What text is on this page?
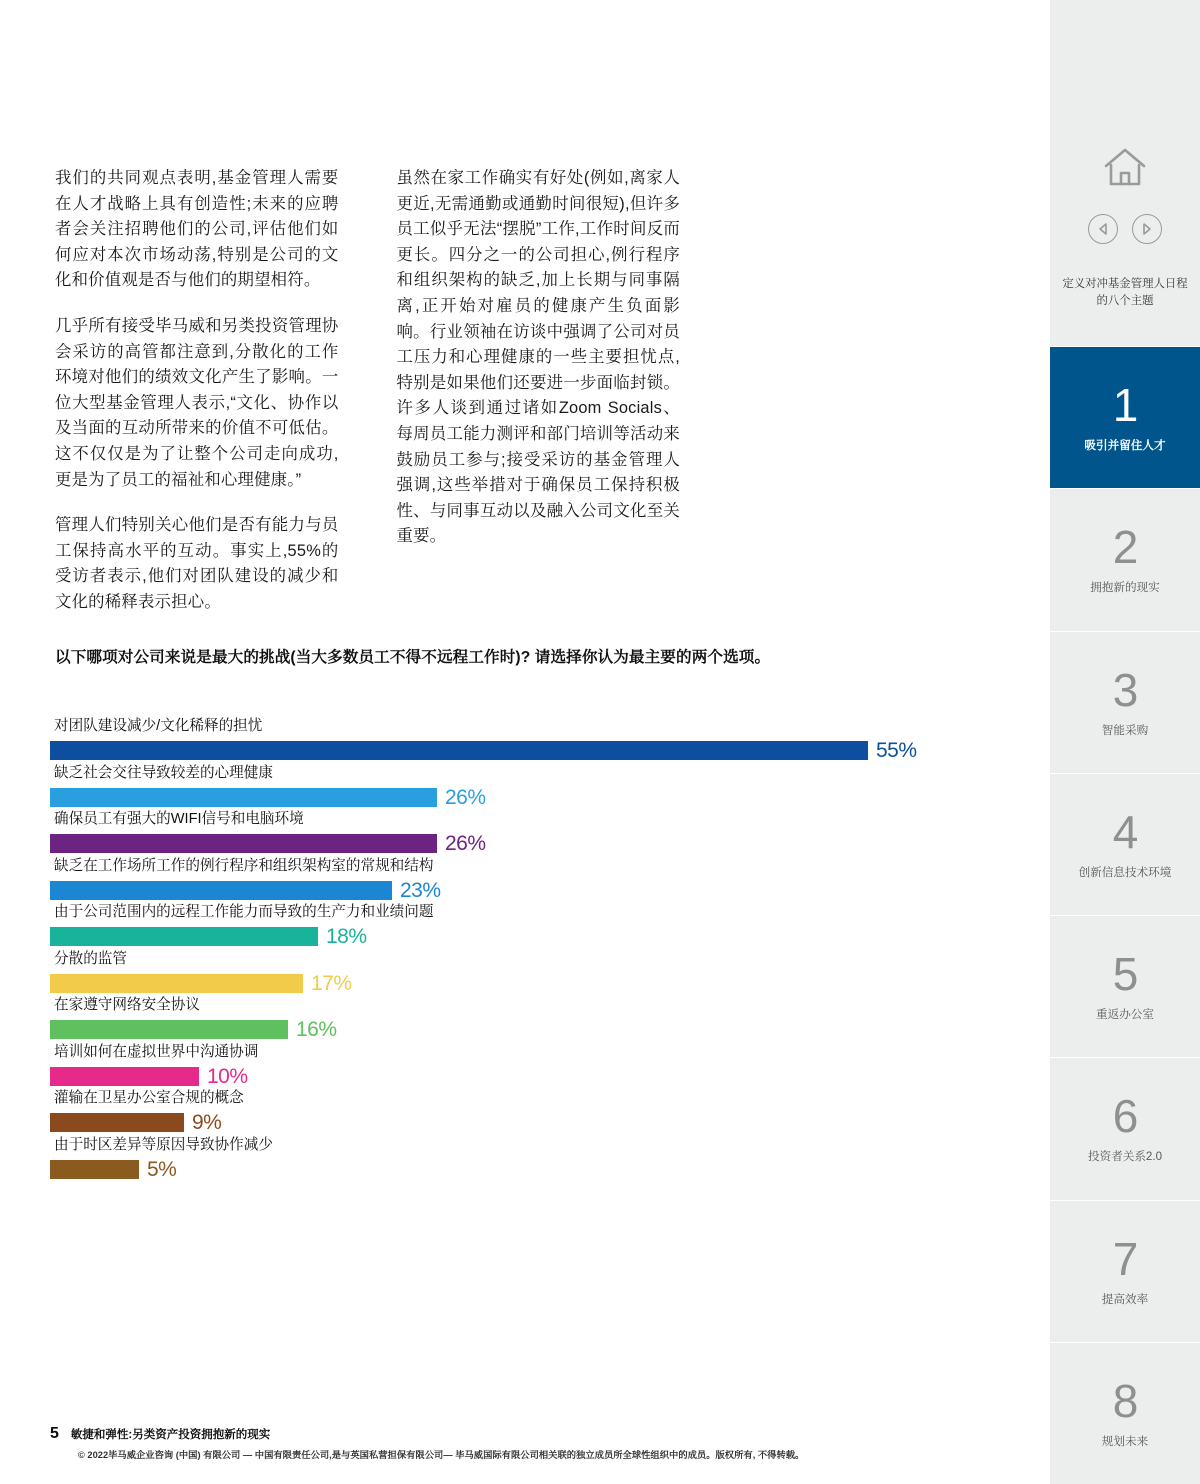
我们的共同观点表明,基金管理人需要在人才战略上具有创造性;未来的应聘者会关注招聘他们的公司,评估他们如何应对本次市场动荡,特别是公司的文化和价值观是否与他们的期望相符。

几乎所有接受毕马威和另类投资管理协会采访的高管都注意到,分散化的工作环境对他们的绩效文化产生了影响。一位大型基金管理人表示,“文化、协作以及当面的互动所带来的价值不可低估。这不仅仅是为了让整个公司走向成功,更是为了员工的福祉和心理健康。”

管理人们特别关心他们是否有能力与员工保持高水平的互动。事实上,55%的受访者表示,他们对团队建设的减少和文化的稀释表示担心。

虽然在家工作确实有好处(例如,离家人更近,无需通勤或通勤时间很短),但许多员工似乎无法“摆脱”工作,工作时间反而更长。四分之一的公司担心,例行程序和组织架构的缺乏,加上长期与同事隔离,正开始对雇员的健康产生负面影响。行业领袖在访谈中强调了公司对员工压力和心理健康的一些主要担忧点,特别是如果他们还要进一步面临封锁。许多人谈到通过诸如Zoom Socials、每周员工能力测评和部门培训等活动来鼓励员工参与;接受采访的基金管理人强调,这些举措对于确保员工保持积极性、与同事互动以及融入公司文化至关重要。

以下哪项对公司来说是最大的挑战(当大多数员工不得不远程工作时)? 请选择你认为最主要的两个选项。
对团队建设减少/文化稀释的担忧
55%
缺乏社会交往导致较差的心理健康
26%
确保员工有强大的WIFI信号和电脑环境
26%
缺乏在工作场所工作的例行程序和组织架构室的常规和结构
23%
由于公司范围内的远程工作能力而导致的生产力和业绩问题
18%
分散的监管
17%
在家遵守网络安全协议
16%
培训如何在虚拟世界中沟通协调
10%
灌输在卫星办公室合规的概念
9%
由于时区差异等原因导致协作减少
5%
5 敏捷和弹性:另类资产投资拥抱新的现实
© 2022毕马威企业咨询 (中国) 有限公司 — 中国有限责任公司,是与英国私营担保有限公司— 毕马威国际有限公司相关联的独立成员所全球性组织中的成员。版权所有, 不得转载。
定义对冲基金管理人日程的八个主题
1
吸引并留住人才
2
拥抱新的现实
3
智能采购
4
创新信息技术环境
5
重返办公室
6
投资者关系2.0
7
提高效率
8
规划未来
